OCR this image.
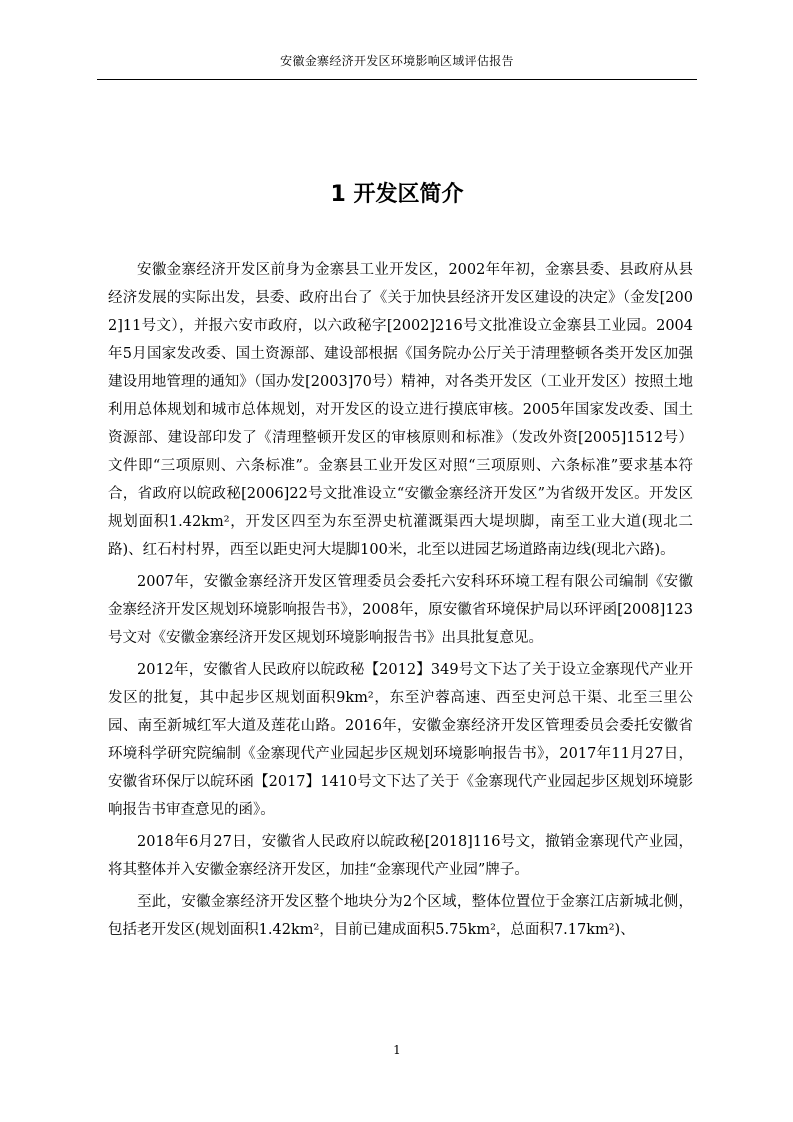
安徽金寨经济开发区环境影响区域评估报告
1 开发区简介

安徽金寨经济开发区前身为金寨县工业开发区，2002年年初，金寨县委、县政府从县经济发展的实际出发，县委、政府出台了《关于加快县经济开发区建设的决定》（金发[2002]11号文），并报六安市政府，以六政秘字[2002]216号文批准设立金寨县工业园。2004年5月国家发改委、国土资源部、建设部根据《国务院办公厅关于清理整顿各类开发区加强建设用地管理的通知》（国办发[2003]70号）精神，对各类开发区（工业开发区）按照土地利用总体规划和城市总体规划，对开发区的设立进行摸底审核。2005年国家发改委、国土资源部、建设部印发了《清理整顿开发区的审核原则和标准》（发改外资[2005]1512号）文件即“三项原则、六条标准”。金寨县工业开发区对照“三项原则、六条标准”要求基本符合，省政府以皖政秘[2006]22号文批准设立“安徽金寨经济开发区”为省级开发区。开发区规划面积1.42km²，开发区四至为东至淠史杭灌溉渠西大堤坝脚，南至工业大道(现北二路)、红石村村界，西至以距史河大堤脚100米，北至以进园艺场道路南边线(现北六路)。

2007年，安徽金寨经济开发区管理委员会委托六安科环环境工程有限公司编制《安徽金寨经济开发区规划环境影响报告书》，2008年，原安徽省环境保护局以环评函[2008]123号文对《安徽金寨经济开发区规划环境影响报告书》出具批复意见。

2012年，安徽省人民政府以皖政秘【2012】349号文下达了关于设立金寨现代产业开发区的批复，其中起步区规划面积9km²，东至沪蓉高速、西至史河总干渠、北至三里公园、南至新城红军大道及莲花山路。2016年，安徽金寨经济开发区管理委员会委托安徽省环境科学研究院编制《金寨现代产业园起步区规划环境影响报告书》，2017年11月27日，安徽省环保厅以皖环函【2017】1410号文下达了关于《金寨现代产业园起步区规划环境影响报告书审查意见的函》。

2018年6月27日，安徽省人民政府以皖政秘[2018]116号文，撤销金寨现代产业园，将其整体并入安徽金寨经济开发区，加挂“金寨现代产业园”牌子。

至此，安徽金寨经济开发区整个地块分为2个区域，整体位置位于金寨江店新城北侧，包括老开发区(规划面积1.42km²，目前已建成面积5.75km²，总面积7.17km²)、

1
